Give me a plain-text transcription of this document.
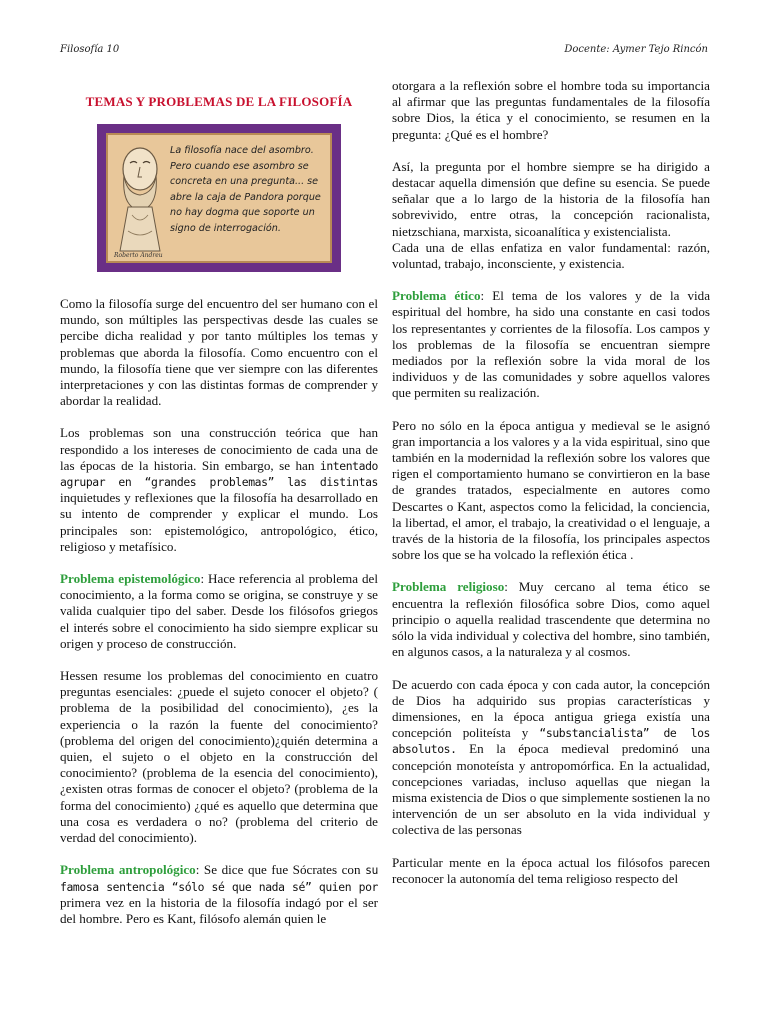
Filosofía 10	Docente: Aymer Tejo Rincón
TEMAS Y PROBLEMAS DE LA FILOSOFÍA
La filosofía nace del asombro. Pero cuando ese asombro se concreta en una pregunta... se abre la caja de Pandora porque no hay dogma que soporte un signo de interrogación.
Roberto Andreu

Como la filosofía surge del encuentro del ser humano con el mundo, son múltiples las perspectivas desde las cuales se percibe dicha realidad y por tanto múltiples los temas y problemas que aborda la filosofía. Como encuentro con el mundo, la filosofía tiene que ver siempre con las diferentes interpretaciones y con las distintas formas de comprender y abordar la realidad.

Los problemas son una construcción teórica que han respondido a los intereses de conocimiento de cada una de las épocas de la historia. Sin embargo, se han intentado agrupar en “grandes problemas” las distintas inquietudes y reflexiones que la filosofía ha desarrollado en su intento de comprender y explicar el mundo. Los principales son: epistemológico, antropológico, ético, religioso y metafísico.

Problema epistemológico: Hace referencia al problema del conocimiento, a la forma como se origina, se construye y se valida cualquier tipo del saber. Desde los filósofos griegos el interés sobre el conocimiento ha sido siempre explicar su origen y proceso de construcción.

Hessen resume los problemas del conocimiento en cuatro preguntas esenciales: ¿puede el sujeto conocer el objeto? ( problema de la posibilidad del conocimiento), ¿es la experiencia o la razón la fuente del conocimiento? (problema del origen del conocimiento)¿quién determina a quien, el sujeto o el objeto en la construcción del conocimiento? (problema de la esencia del conocimiento), ¿existen otras formas de conocer el objeto? (problema de la forma del conocimiento) ¿qué es aquello que determina que una cosa es verdadera o no? (problema del criterio de verdad del conocimiento).

Problema antropológico: Se dice que fue Sócrates con su famosa sentencia “sólo sé que nada sé” quien por primera vez en la historia de la filosofía indagó por el ser del hombre. Pero es Kant, filósofo alemán quien le

otorgara a la reflexión sobre el hombre toda su importancia al afirmar que las preguntas fundamentales de la filosofía sobre Dios, la ética y el conocimiento, se resumen en la pregunta: ¿Qué es el hombre?

Así, la pregunta por el hombre siempre se ha dirigido a destacar aquella dimensión que define su esencia. Se puede señalar que a lo largo de la historia de la filosofía han sobrevivido, entre otras, la concepción racionalista, nietzschiana, marxista, sicoanalítica y existencialista.

Cada una de ellas enfatiza en valor fundamental: razón, voluntad, trabajo, inconsciente, y existencia.

Problema ético: El tema de los valores y de la vida espiritual del hombre, ha sido una constante en casi todos los representantes y corrientes de la filosofía. Los campos y los problemas de la filosofía se encuentran siempre mediados por la reflexión sobre la vida moral de los individuos y de las comunidades y sobre aquellos valores que permiten su realización.

Pero no sólo en la época antigua y medieval se le asignó gran importancia a los valores y a la vida espiritual, sino que también en la modernidad la reflexión sobre los valores que rigen el comportamiento humano se convirtieron en la base de grandes tratados, especialmente en autores como Descartes o Kant, aspectos como la felicidad, la conciencia, la libertad, el amor, el trabajo, la creatividad o el lenguaje, a través de la historia de la filosofía, los principales aspectos sobre los que se ha volcado la reflexión ética .

Problema religioso: Muy cercano al tema ético se encuentra la reflexión filosófica sobre Dios, como aquel principio o aquella realidad trascendente que determina no sólo la vida individual y colectiva del hombre, sino también, en algunos casos, a la naturaleza y al cosmos.

De acuerdo con cada época y con cada autor, la concepción de Dios ha adquirido sus propias características y dimensiones, en la época antigua griega existía una concepción politeísta y “substancialista” de los absolutos. En la época medieval predominó una concepción monoteísta y antropomórfica. En la actualidad, concepciones variadas, incluso aquellas que niegan la misma existencia de Dios o que simplemente sostienen la no intervención de un ser absoluto en la vida individual y colectiva de las personas

Particular mente en la época actual los filósofos parecen reconocer la autonomía del tema religioso respecto del
